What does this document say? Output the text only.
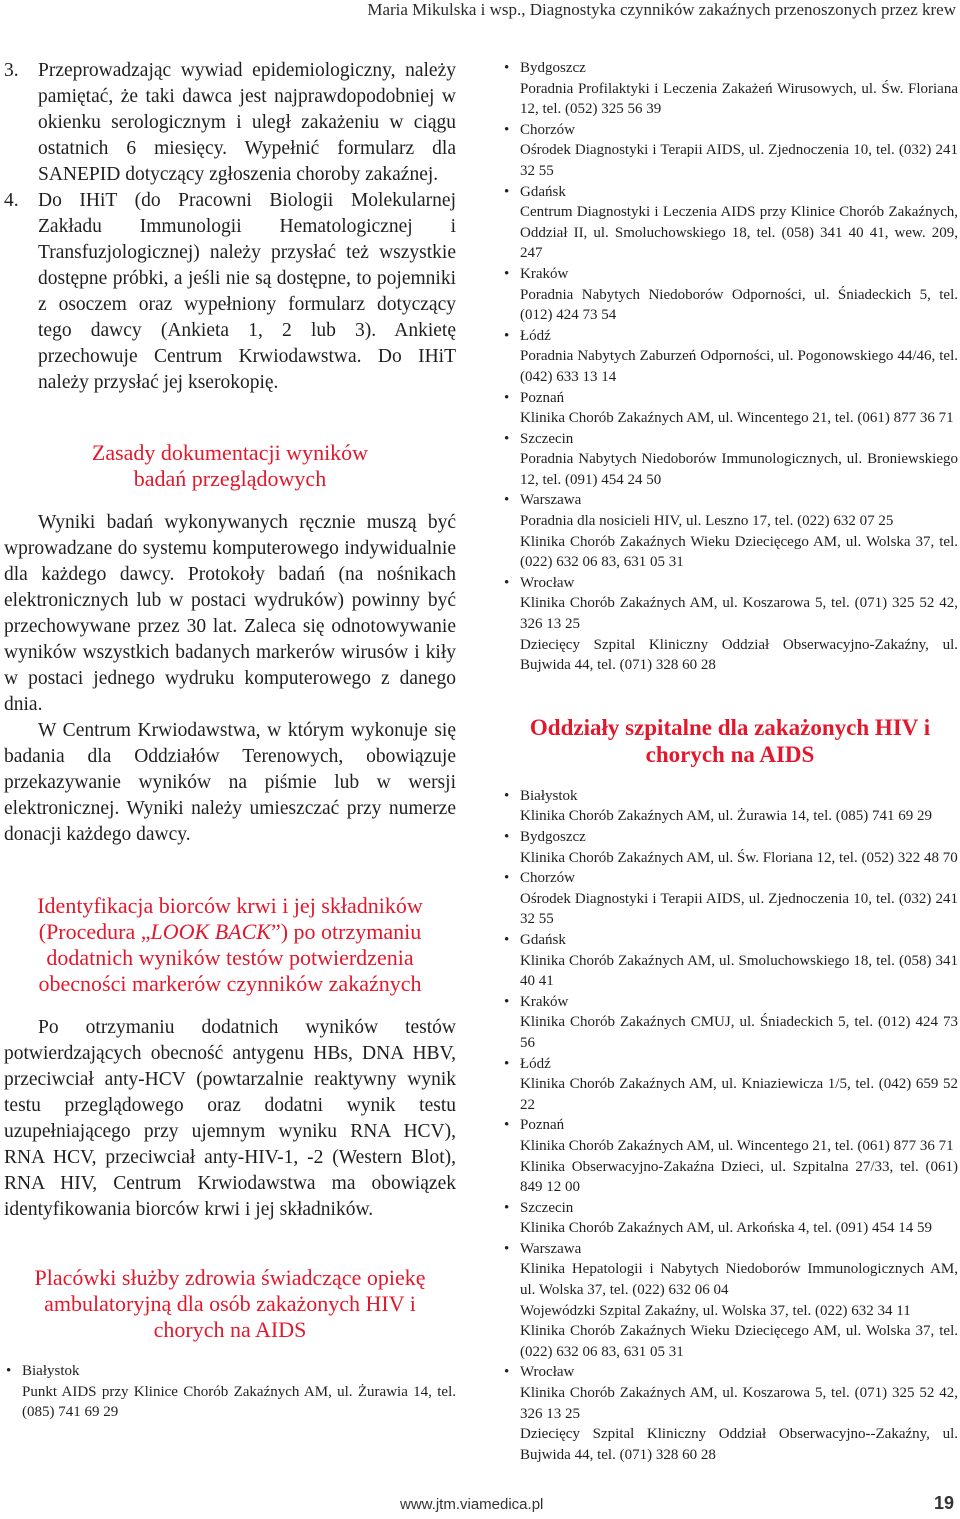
Maria Mikulska i wsp., Diagnostyka czynników zakaźnych przenoszonych przez krew

3. Przeprowadzając wywiad epidemiologiczny, należy pamiętać, że taki dawca jest najprawdopodobniej w okienku serologicznym i uległ zakażeniu w ciągu ostatnich 6 miesięcy. Wypełnić formularz dla SANEPID dotyczący zgłoszenia choroby zakaźnej.

4. Do IHiT (do Pracowni Biologii Molekularnej Zakładu Immunologii Hematologicznej i Transfuzjologicznej) należy przysłać też wszystkie dostępne próbki, a jeśli nie są dostępne, to pojemniki z osoczem oraz wypełniony formularz dotyczący tego dawcy (Ankieta 1, 2 lub 3). Ankietę przechowuje Centrum Krwiodawstwa. Do IHiT należy przysłać jej kserokopię.

Zasady dokumentacji wyników badań przeglądowych

Wyniki badań wykonywanych ręcznie muszą być wprowadzane do systemu komputerowego indywidualnie dla każdego dawcy. Protokoły badań (na nośnikach elektronicznych lub w postaci wydruków) powinny być przechowywane przez 30 lat. Zaleca się odnotowywanie wyników wszystkich badanych markerów wirusów i kiły w postaci jednego wydruku komputerowego z danego dnia.

W Centrum Krwiodawstwa, w którym wykonuje się badania dla Oddziałów Terenowych, obowiązuje przekazywanie wyników na piśmie lub w wersji elektronicznej. Wyniki należy umieszczać przy numerze donacji każdego dawcy.

Identyfikacja biorców krwi i jej składników (Procedura „LOOK BACK”) po otrzymaniu dodatnich wyników testów potwierdzenia obecności markerów czynników zakaźnych

Po otrzymaniu dodatnich wyników testów potwierdzających obecność antygenu HBs, DNA HBV, przeciwciał anty-HCV (powtarzalnie reaktywny wynik testu przeglądowego oraz dodatni wynik testu uzupełniającego przy ujemnym wyniku RNA HCV), RNA HCV, przeciwciał anty-HIV-1, -2 (Western Blot), RNA HIV, Centrum Krwiodawstwa ma obowiązek identyfikowania biorców krwi i jej składników.

Placówki służby zdrowia świadczące opiekę ambulatoryjną dla osób zakażonych HIV i chorych na AIDS
• Białystok
Punkt AIDS przy Klinice Chorób Zakaźnych AM, ul. Żurawia 14, tel. (085) 741 69 29
• Bydgoszcz
Poradnia Profilaktyki i Leczenia Zakażeń Wirusowych, ul. Św. Floriana 12, tel. (052) 325 56 39
• Chorzów
Ośrodek Diagnostyki i Terapii AIDS, ul. Zjednoczenia 10, tel. (032) 241 32 55
• Gdańsk
Centrum Diagnostyki i Leczenia AIDS przy Klinice Chorób Zakaźnych, Oddział II, ul. Smoluchowskiego 18, tel. (058) 341 40 41, wew. 209, 247
• Kraków
Poradnia Nabytych Niedoborów Odporności, ul. Śniadeckich 5, tel. (012) 424 73 54
• Łódź
Poradnia Nabytych Zaburzeń Odporności, ul. Pogonowskiego 44/46, tel. (042) 633 13 14
• Poznań
Klinika Chorób Zakaźnych AM, ul. Wincentego 21, tel. (061) 877 36 71
• Szczecin
Poradnia Nabytych Niedoborów Immunologicznych, ul. Broniewskiego 12, tel. (091) 454 24 50
• Warszawa
Poradnia dla nosicieli HIV, ul. Leszno 17, tel. (022) 632 07 25
Klinika Chorób Zakaźnych Wieku Dziecięcego AM, ul. Wolska 37, tel. (022) 632 06 83, 631 05 31
• Wrocław
Klinika Chorób Zakaźnych AM, ul. Koszarowa 5, tel. (071) 325 52 42, 326 13 25
Dziecięcy Szpital Kliniczny Oddział Obserwacyjno-Zakaźny, ul. Bujwida 44, tel. (071) 328 60 28
Oddziały szpitalne dla zakażonych HIV i chorych na AIDS
• Białystok
Klinika Chorób Zakaźnych AM, ul. Żurawia 14, tel. (085) 741 69 29
• Bydgoszcz
Klinika Chorób Zakaźnych AM, ul. Św. Floriana 12, tel. (052) 322 48 70
• Chorzów
Ośrodek Diagnostyki i Terapii AIDS, ul. Zjednoczenia 10, tel. (032) 241 32 55
• Gdańsk
Klinika Chorób Zakaźnych AM, ul. Smoluchowskiego 18, tel. (058) 341 40 41
• Kraków
Klinika Chorób Zakaźnych CMUJ, ul. Śniadeckich 5, tel. (012) 424 73 56
• Łódź
Klinika Chorób Zakaźnych AM, ul. Kniaziewicza 1/5, tel. (042) 659 52 22
• Poznań
Klinika Chorób Zakaźnych AM, ul. Wincentego 21, tel. (061) 877 36 71
Klinika Obserwacyjno-Zakaźna Dzieci, ul. Szpitalna 27/33, tel. (061) 849 12 00
• Szczecin
Klinika Chorób Zakaźnych AM, ul. Arkońska 4, tel. (091) 454 14 59
• Warszawa
Klinika Hepatologii i Nabytych Niedoborów Immunologicznych AM, ul. Wolska 37, tel. (022) 632 06 04
Wojewódzki Szpital Zakaźny, ul. Wolska 37, tel. (022) 632 34 11
Klinika Chorób Zakaźnych Wieku Dziecięcego AM, ul. Wolska 37, tel. (022) 632 06 83, 631 05 31
• Wrocław
Klinika Chorób Zakaźnych AM, ul. Koszarowa 5, tel. (071) 325 52 42, 326 13 25
Dziecięcy Szpital Kliniczny Oddział Obserwacyjno--Zakaźny, ul. Bujwida 44, tel. (071) 328 60 28
www.jtm.viamedica.pl	19
